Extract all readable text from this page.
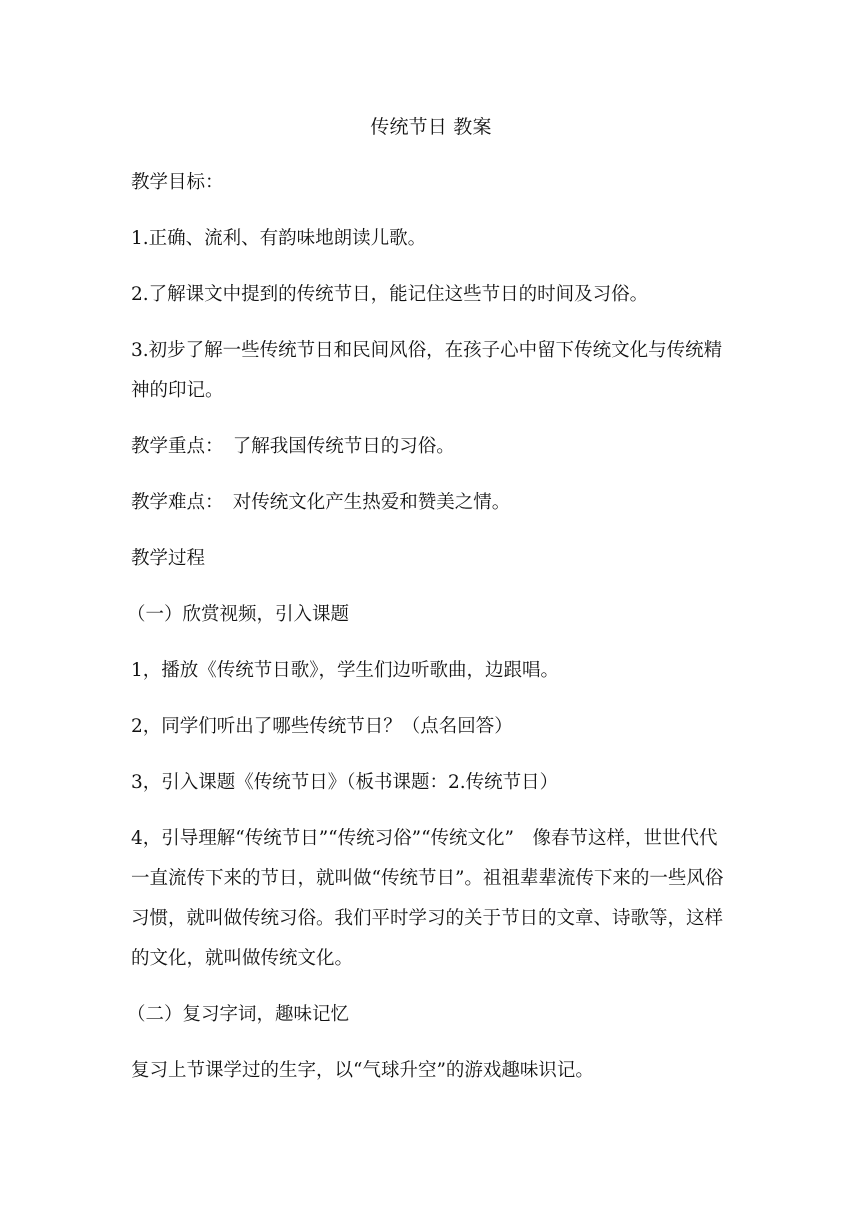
传统节日 教案

教学目标：

1.正确、流利、有韵味地朗读儿歌。

2.了解课文中提到的传统节日，能记住这些节日的时间及习俗。

3.初步了解一些传统节日和民间风俗，在孩子心中留下传统文化与传统精神的印记。

教学重点：　了解我国传统节日的习俗。

教学难点：　对传统文化产生热爱和赞美之情。

教学过程

（一）欣赏视频，引入课题

1，播放《传统节日歌》，学生们边听歌曲，边跟唱。

2，同学们听出了哪些传统节日？（点名回答）

3，引入课题《传统节日》（板书课题：2.传统节日）

4，引导理解“传统节日”“传统习俗”“传统文化”　像春节这样，世世代代一直流传下来的节日，就叫做“传统节日”。祖祖辈辈流传下来的一些风俗习惯，就叫做传统习俗。我们平时学习的关于节日的文章、诗歌等，这样的文化，就叫做传统文化。

（二）复习字词，趣味记忆

复习上节课学过的生字，以“气球升空”的游戏趣味识记。
